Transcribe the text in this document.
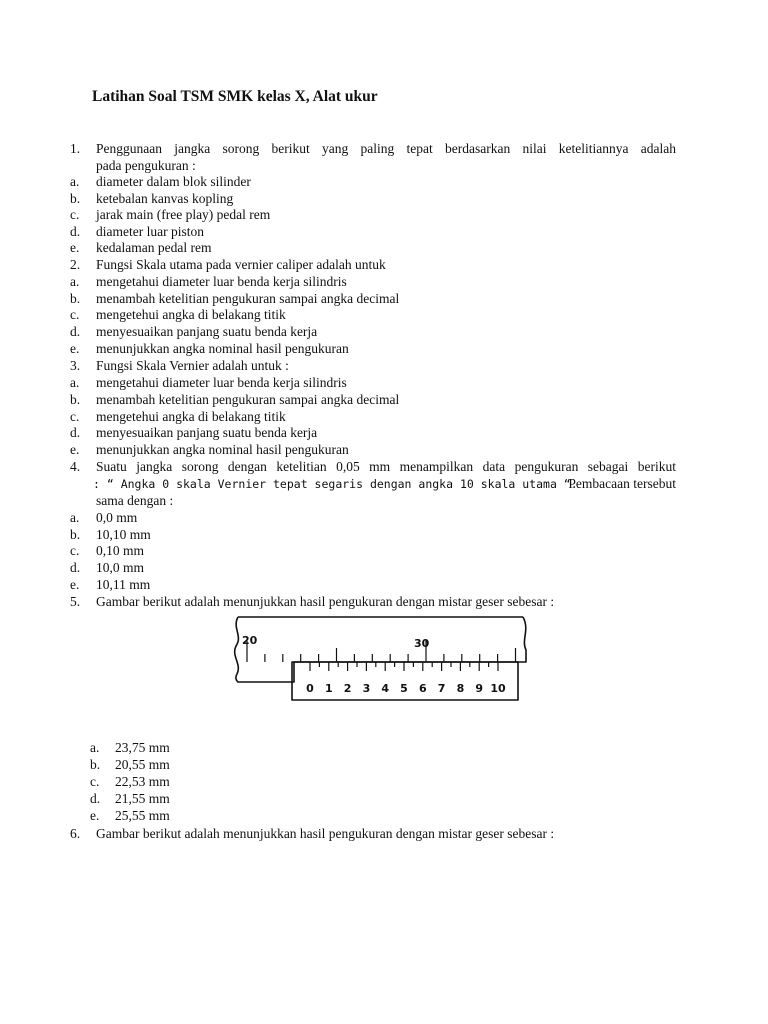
Latihan Soal TSM SMK kelas X, Alat ukur
1. Penggunaan jangka sorong berikut yang paling tepat berdasarkan nilai ketelitiannya adalah
pada pengukuran :
a. diameter dalam blok silinder
b. ketebalan kanvas kopling
c. jarak main (free play) pedal rem
d. diameter luar piston
e. kedalaman pedal rem
2. Fungsi Skala utama pada vernier caliper adalah untuk
a. mengetahui diameter luar benda kerja silindris
b. menambah ketelitian pengukuran sampai angka decimal
c. mengetehui angka di belakang titik
d. menyesuaikan panjang suatu benda kerja
e. menunjukkan angka nominal hasil pengukuran
3. Fungsi Skala Vernier adalah untuk :
a. mengetahui diameter luar benda kerja silindris
b. menambah ketelitian pengukuran sampai angka decimal
c. mengetehui angka di belakang titik
d. menyesuaikan panjang suatu benda kerja
e. menunjukkan angka nominal hasil pengukuran
4. Suatu jangka sorong dengan ketelitian 0,05 mm menampilkan data pengukuran sebagai berikut
: “ Angka 0 skala Vernier tepat segaris dengan angka 10 skala utama “.
Pembacaan tersebut
sama dengan :
a. 0,0 mm
b. 10,10 mm
c. 0,10 mm
d. 10,0 mm
e. 10,11 mm
5. Gambar berikut adalah menunjukkan hasil pengukuran dengan mistar geser sebesar :
20	30
0 1 2 3 4 5 6 7 8 9 10
a. 23,75 mm
b. 20,55 mm
c. 22,53 mm
d. 21,55 mm
e. 25,55 mm
6. Gambar berikut adalah menunjukkan hasil pengukuran dengan mistar geser sebesar :
